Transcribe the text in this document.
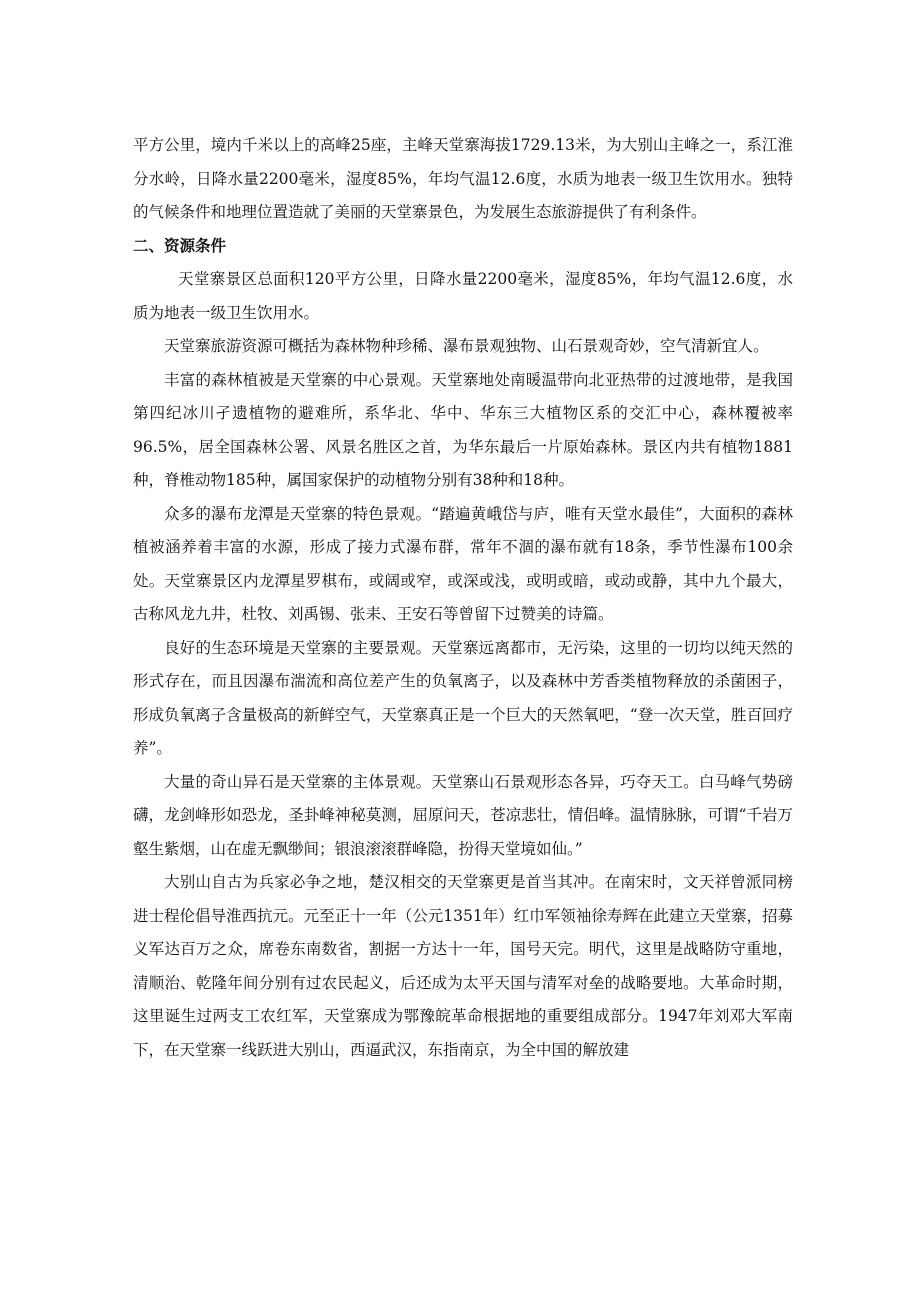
平方公里，境内千米以上的高峰25座，主峰天堂寨海拔1729.13米，为大别山主峰之一，系江淮分水岭，日降水量2200毫米，湿度85%，年均气温12.6度，水质为地表一级卫生饮用水。独特的气候条件和地理位置造就了美丽的天堂寨景色，为发展生态旅游提供了有利条件。

二、资源条件

天堂寨景区总面积120平方公里，日降水量2200毫米，湿度85%，年均气温12.6度，水质为地表一级卫生饮用水。

天堂寨旅游资源可概括为森林物种珍稀、瀑布景观独物、山石景观奇妙，空气清新宜人。

丰富的森林植被是天堂寨的中心景观。天堂寨地处南暖温带向北亚热带的过渡地带，是我国第四纪冰川孑遗植物的避难所，系华北、华中、华东三大植物区系的交汇中心，森林覆被率96.5%，居全国森林公署、风景名胜区之首，为华东最后一片原始森林。景区内共有植物1881种，脊椎动物185种，属国家保护的动植物分别有38种和18种。

众多的瀑布龙潭是天堂寨的特色景观。“踏遍黄峨岱与庐，唯有天堂水最佳”，大面积的森林植被涵养着丰富的水源，形成了接力式瀑布群，常年不涸的瀑布就有18条，季节性瀑布100余处。天堂寨景区内龙潭星罗棋布，或阔或窄，或深或浅，或明或暗，或动或静，其中九个最大，古称风龙九井，杜牧、刘禹锡、张耒、王安石等曾留下过赞美的诗篇。

良好的生态环境是天堂寨的主要景观。天堂寨远离都市，无污染，这里的一切均以纯天然的形式存在，而且因瀑布湍流和高位差产生的负氧离子，以及森林中芳香类植物释放的杀菌困子，形成负氧离子含量极高的新鲜空气，天堂寨真正是一个巨大的天然氧吧，“登一次天堂，胜百回疗养”。

大量的奇山异石是天堂寨的主体景观。天堂寨山石景观形态各异，巧夺天工。白马峰气势磅礴，龙剑峰形如恐龙，圣卦峰神秘莫测，屈原问天，苍凉悲壮，情侣峰。温情脉脉，可谓“千岩万壑生紫烟，山在虚无飘缈间；银浪滚滚群峰隐，扮得天堂境如仙。”

大别山自古为兵家必争之地，楚汉相交的天堂寨更是首当其冲。在南宋时，文天祥曾派同榜进士程伦倡导淮西抗元。元至正十一年（公元1351年）红巾军领袖徐寿辉在此建立天堂寨，招募义军达百万之众，席卷东南数省，割据一方达十一年，国号天完。明代，这里是战略防守重地，清顺治、乾隆年间分别有过农民起义，后还成为太平天国与清军对垒的战略要地。大革命时期，这里诞生过两支工农红军，天堂寨成为鄂豫皖革命根据地的重要组成部分。1947年刘邓大军南下，在天堂寨一线跃进大别山，西逼武汉，东指南京，为全中国的解放建
